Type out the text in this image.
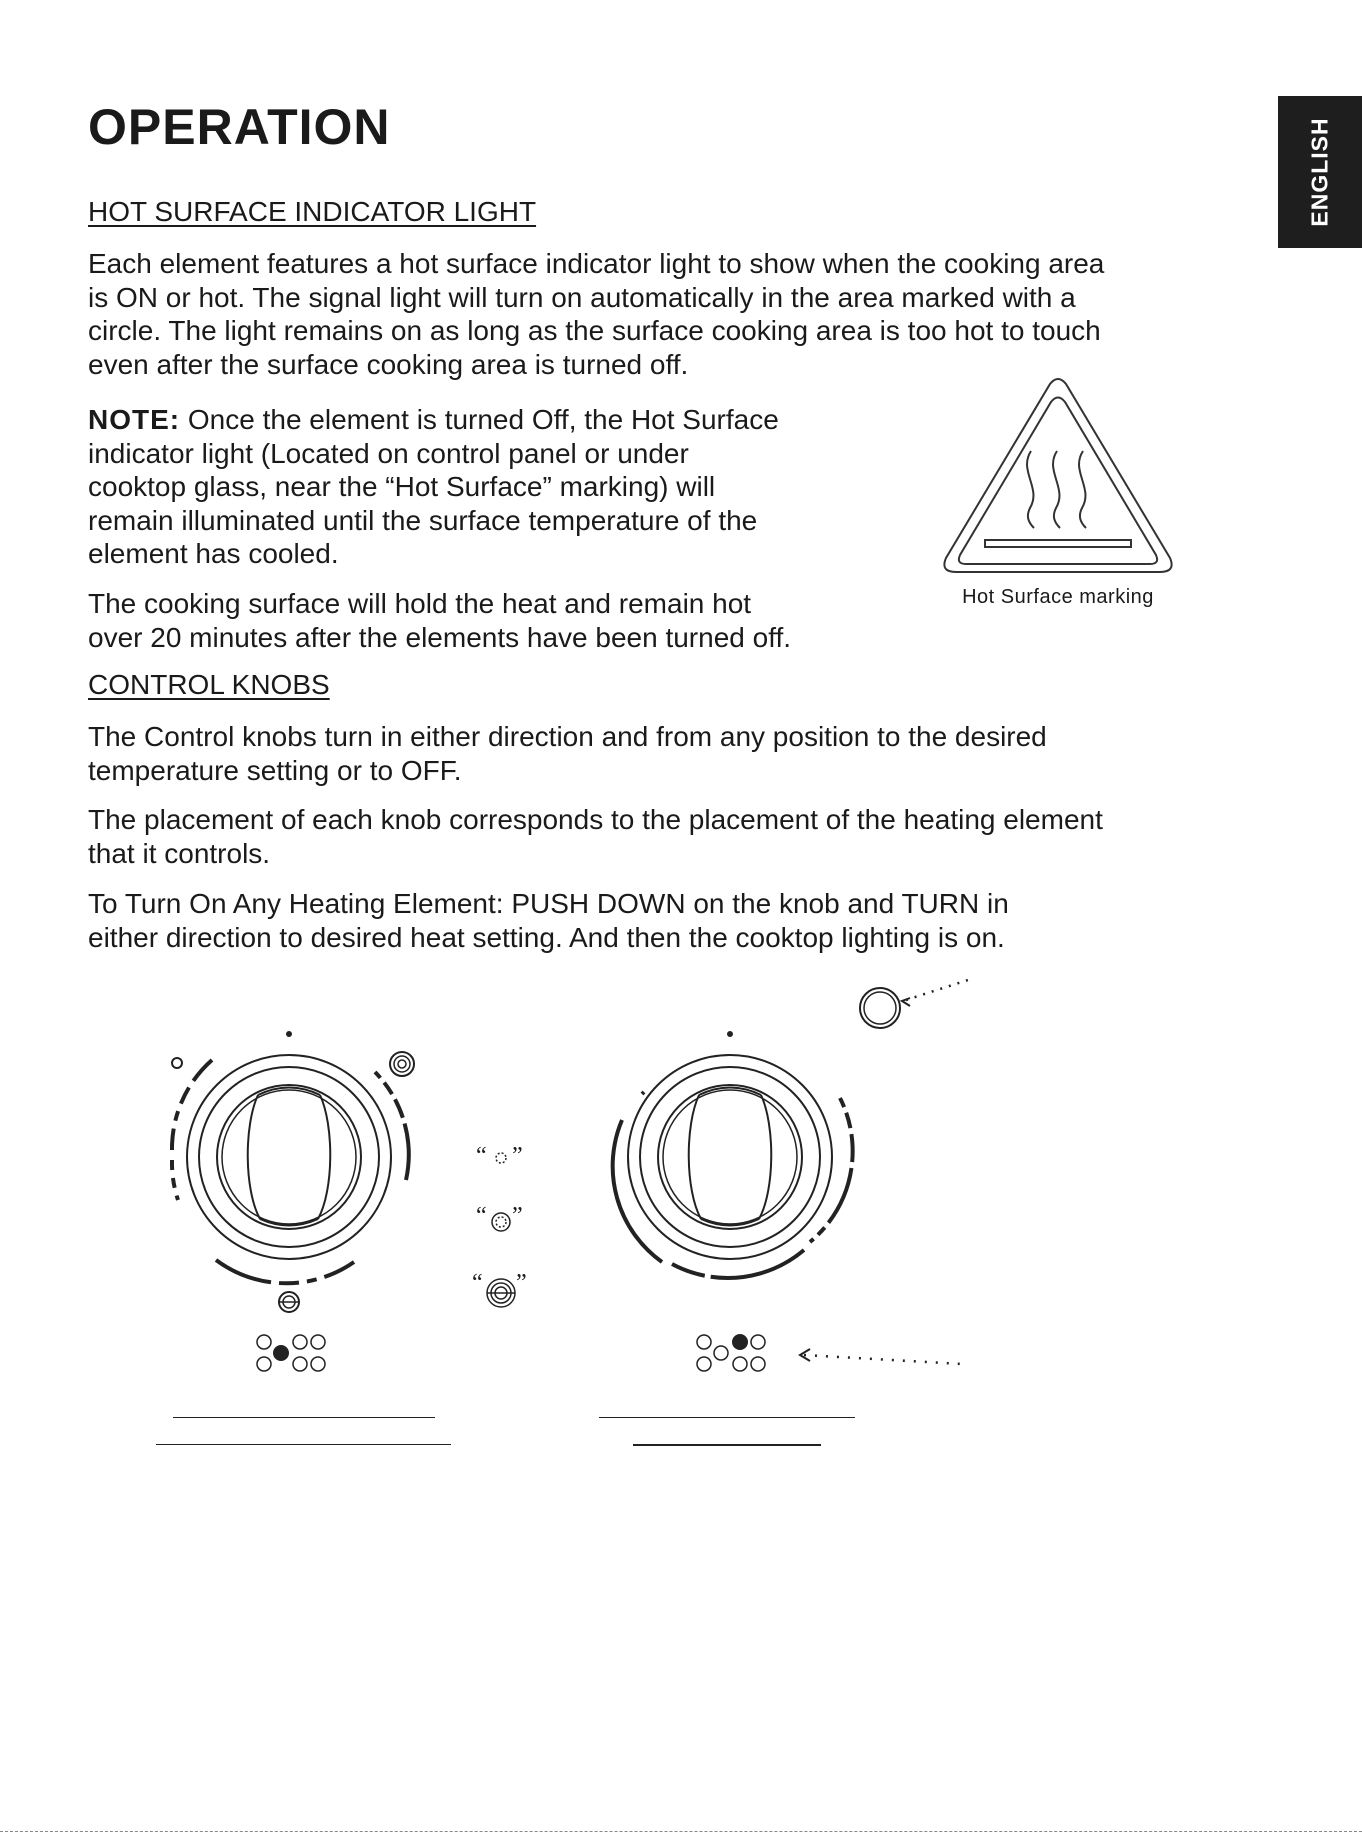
ENGLISH
OPERATION
HOT SURFACE INDICATOR LIGHT
Each element features a hot surface indicator light to show when the cooking area
is ON or hot. The signal light will turn on automatically in the area marked with a
circle. The light remains on as long as the surface cooking area is too hot to touch
even after the surface cooking area is turned off.
NOTE: Once the element is turned Off, the Hot Surface
indicator light (Located on control panel or under
cooktop glass, near the “Hot Surface” marking) will
remain illuminated until the surface temperature of the
element has cooled.
The cooking surface will hold the heat and remain hot
over 20 minutes after the elements have been turned off.
Hot Surface marking
CONTROL KNOBS
The Control knobs turn in either direction and from any position to the desired
temperature setting or to OFF.
The placement of each knob corresponds to the placement of the heating element
that it controls.
To Turn On Any Heating Element: PUSH DOWN on the knob and TURN in
either direction to desired heat setting. And then the cooktop lighting is on.
“ ”
“ ”
“ ”
